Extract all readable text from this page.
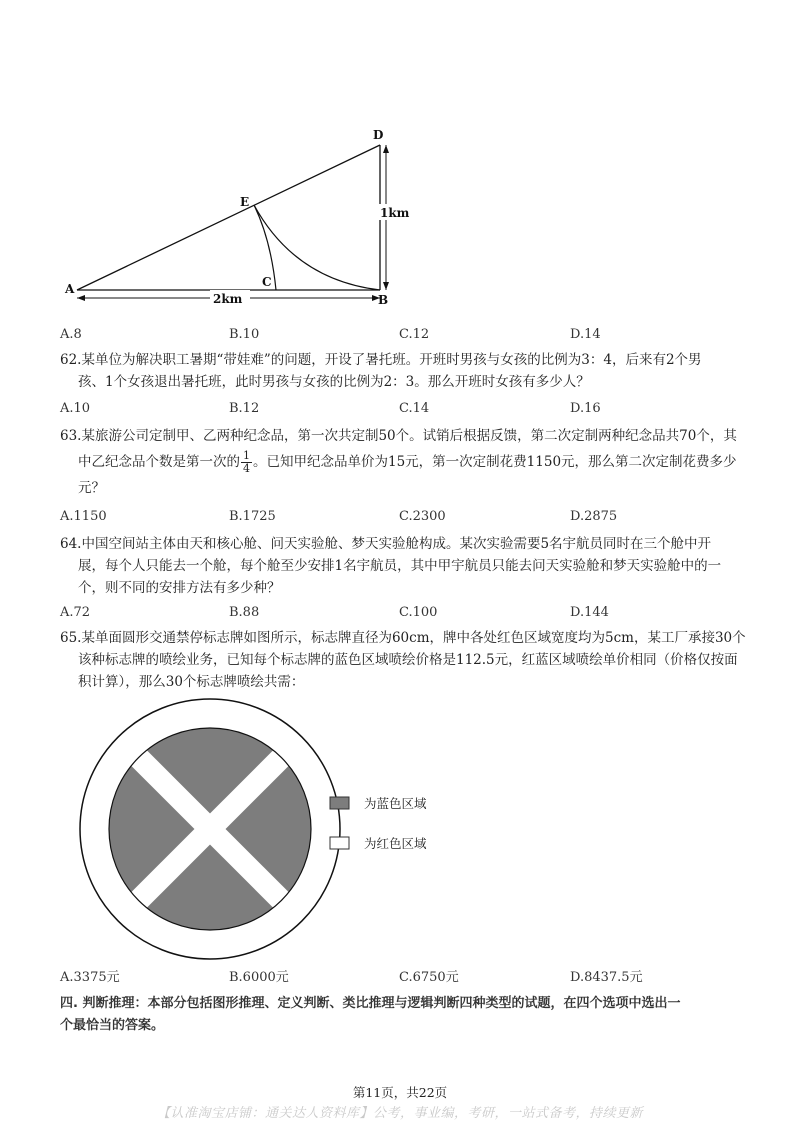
A
B
C
D
E
2km
1km
A.8	B.10	C.12	D.14
62.某单位为解决职工暑期“带娃难”的问题，开设了暑托班。开班时男孩与女孩的比例为3：4，后来有2个男
孩、1个女孩退出暑托班，此时男孩与女孩的比例为2：3。那么开班时女孩有多少人？
A.10	B.12	C.14	D.16
63.某旅游公司定制甲、乙两种纪念品，第一次共定制50个。试销后根据反馈，第二次定制两种纪念品共70个，其
中乙纪念品个数是第一次的 $\frac{1}{4}$ 。已知甲纪念品单价为15元，第一次定制花费1150元，那么第二次定制花费多少
元？
A.1150	B.1725	C.2300	D.2875
64.中国空间站主体由天和核心舱、问天实验舱、梦天实验舱构成。某次实验需要5名宇航员同时在三个舱中开
展，每个人只能去一个舱，每个舱至少安排1名宇航员，其中甲宇航员只能去问天实验舱和梦天实验舱中的一
个，则不同的安排方法有多少种？
A.72	B.88	C.100	D.144
65.某单面圆形交通禁停标志牌如图所示，标志牌直径为60cm，牌中各处红色区域宽度均为5cm，某工厂承接30个
该种标志牌的喷绘业务，已知每个标志牌的蓝色区域喷绘价格是112.5元，红蓝区域喷绘单价相同（价格仅按面
积计算），那么30个标志牌喷绘共需：
为蓝色区域
为红色区域
A.3375元	B.6000元	C.6750元	D.8437.5元
四. 判断推理：本部分包括图形推理、定义判断、类比推理与逻辑判断四种类型的试题，在四个选项中选出一
个最恰当的答案。
第11页，共22页
【认准淘宝店铺：通关达人资料库】公考，事业编，考研，一站式备考，持续更新
